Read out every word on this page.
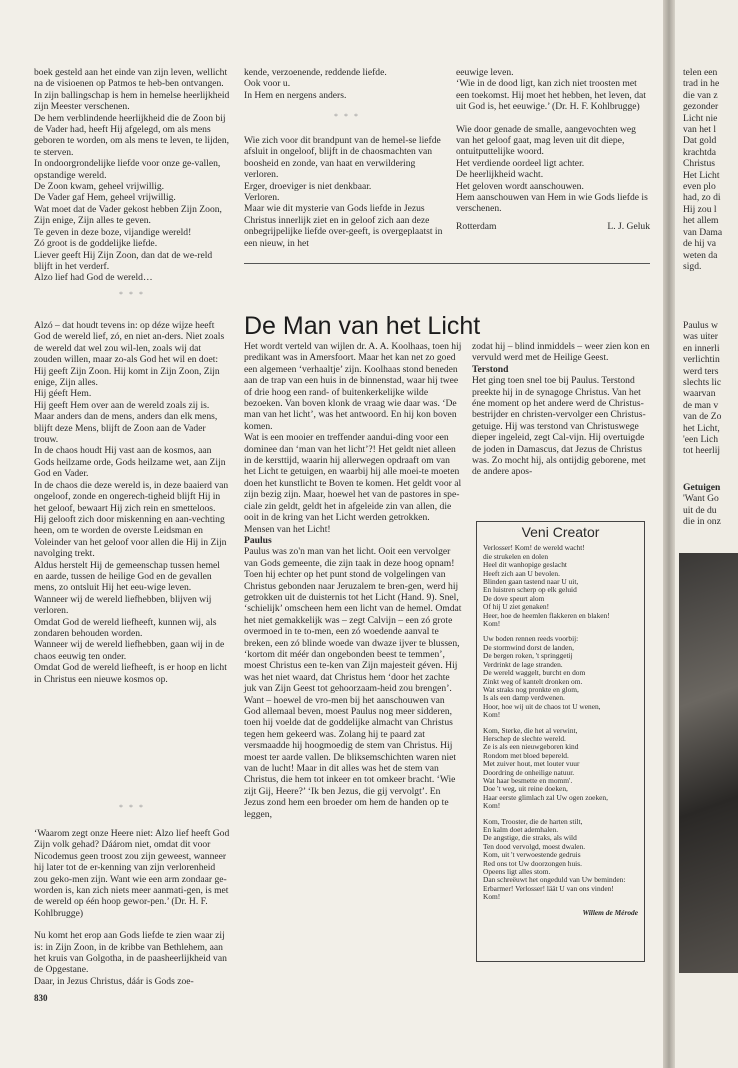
boek gesteld aan het einde van zijn leven, wellicht na de visioenen op Patmos te heb-ben ontvangen.

In zijn ballingschap is hem in hemelse heerlijkheid zijn Meester verschenen.

De hem verblindende heerlijkheid die de Zoon bij de Vader had, heeft Hij afgelegd, om als mens geboren te worden, om als mens te leven, te lijden, te sterven.

In ondoorgrondelijke liefde voor onze ge-vallen, opstandige wereld.

De Zoon kwam, geheel vrijwillig.

De Vader gaf Hem, geheel vrijwillig.

Wat moet dat de Vader gekost hebben Zijn Zoon, Zijn enige, Zijn alles te geven.

Te geven in deze boze, vijandige wereld!

Zó groot is de goddelijke liefde.

Liever geeft Hij Zijn Zoon, dan dat de we-reld blijft in het verderf.

Alzo lief had God de wereld…

* * *

Alzó – dat houdt tevens in: op déze wijze heeft God de wereld lief, zó, en niet an-ders. Niet zoals de wereld dat wel zou wil-len, zoals wij dat zouden willen, maar zo-als God het wil en doet: Hij geeft Zijn Zoon. Hij komt in Zijn Zoon, Zijn enige, Zijn alles.

Hij géeft Hem.

Hij geeft Hem over aan de wereld zoals zij is.

Maar anders dan de mens, anders dan elk mens, blijft deze Mens, blijft de Zoon aan de Vader trouw.

In de chaos houdt Hij vast aan de kosmos, aan Gods heilzame orde, Gods heilzame wet, aan Zijn God en Vader.

In de chaos die deze wereld is, in deze baaierd van ongeloof, zonde en ongerech-tigheid blijft Hij in het geloof, bewaart Hij zich rein en smetteloos.

Hij gelooft zich door miskenning en aan-vechting heen, om te worden de overste Leidsman en Voleinder van het geloof voor allen die Hij in Zijn navolging trekt.

Aldus herstelt Hij de gemeenschap tussen hemel en aarde, tussen de heilige God en de gevallen mens, zo ontsluit Hij het eeu-wige leven.

Wanneer wij de wereld liefhebben, blijven wij verloren.

Omdat God de wereld liefheeft, kunnen wij, als zondaren behouden worden.

Wanneer wij de wereld liefhebben, gaan wij in de chaos eeuwig ten onder.

Omdat God de wereld liefheeft, is er hoop en licht in Christus een nieuwe kosmos op.

* * *

‘Waarom zegt onze Heere niet: Alzo lief heeft God Zijn volk gehad? Dáárom niet, omdat dit voor Nicodemus geen troost zou zijn geweest, wanneer hij later tot de er-kenning van zijn verlorenheid zou geko-men zijn. Want wie een arm zondaar ge-worden is, kan zich niets meer aanmati-gen, is met de wereld op één hoop gewor-pen.’ (Dr. H. F. Kohlbrugge)

Nu komt het erop aan Gods liefde te zien waar zij is: in Zijn Zoon, in de kribbe van Bethlehem, aan het kruis van Golgotha, in de paasheerlijkheid van de Opgestane.

Daar, in Jezus Christus, dáár is Gods zoe-

kende, verzoenende, reddende liefde.

Ook voor u.

In Hem en nergens anders.

* * *

Wie zich voor dit brandpunt van de hemel-se liefde afsluit in ongeloof, blijft in de chaosmachten van boosheid en zonde, van haat en verwildering verloren.

Erger, droeviger is niet denkbaar.

Verloren.

Maar wie dit mysterie van Gods liefde in Jezus Christus innerlijk ziet en in geloof zich aan deze onbegrijpelijke liefde over-geeft, is overgeplaatst in een nieuw, in het

eeuwige leven.

‘Wie in de dood ligt, kan zich niet troosten met een toekomst. Hij moet het hebben, het leven, dat uit God is, het eeuwige.’ (Dr. H. F. Kohlbrugge)

Wie door genade de smalle, aangevochten weg van het geloof gaat, mag leven uit dit diepe, ontuitputtelijke woord.

Het verdiende oordeel ligt achter.

De heerlijkheid wacht.

Het geloven wordt aanschouwen.

Hem aanschouwen van Hem in wie Gods liefde is verschenen.

Rotterdam	L. J. Geluk
De Man van het Licht

Het wordt verteld van wijlen dr. A. A. Koolhaas, toen hij predikant was in Amersfoort. Maar het kan net zo goed een algemeen ‘verhaaltje’ zijn. Koolhaas stond beneden aan de trap van een huis in de binnenstad, waar hij twee of drie hoog een rand- of buitenkerkelijke wilde bezoeken. Van boven klonk de vraag wie daar was. ‘De man van het licht’, was het antwoord. En hij kon boven komen.

Wat is een mooier en treffender aandui-ding voor een dominee dan ‘man van het licht’?! Het geldt niet alleen in de kersttijd, waarin hij allerwegen opdraaft om van het Licht te getuigen, en waarbij hij alle moei-te moeten doen het kunstlicht te Boven te komen. Het geldt voor al zijn bezig zijn. Maar, hoewel het van de pastores in spe-ciale zin geldt, geldt het in afgeleide zin van allen, die ooit in de kring van het Licht werden getrokken. Mensen van het Licht!

Paulus

Paulus was zo'n man van het licht. Ooit een vervolger van Gods gemeente, die zijn taak in deze hoog opnam! Toen hij echter op het punt stond de volgelingen van Christus gebonden naar Jeruzalem te bren-gen, werd hij getrokken uit de duisternis tot het Licht (Hand. 9). Snel, ‘schielijk’ omscheen hem een licht van de hemel. Omdat het niet gemakkelijk was – zegt Calvijn – een zó grote overmoed in te to-men, een zó woedende aanval te breken, een zó blinde woede van dwaze ijver te blussen, ‘kortom dit méér dan ongebonden beest te temmen’, moest Christus een te-ken van Zijn majesteit géven. Hij was het niet waard, dat Christus hem ‘door het zachte juk van Zijn Geest tot gehoorzaam-heid zou brengen’. Want – hoewel de vro-men bij het aanschouwen van God allemaal beven, moest Paulus nog meer sidderen, toen hij voelde dat de goddelijke almacht van Christus tegen hem gekeerd was. Zolang hij te paard zat versmaadde hij hoogmoedig de stem van Christus. Hij moest ter aarde vallen. De bliksemschichten waren niet van de lucht! Maar in dit alles was het de stem van Christus, die hem tot inkeer en tot omkeer bracht. ‘Wie zijt Gij, Heere?’ ‘Ik ben Jezus, die gij vervolgt’. En Jezus zond hem een broeder om hem de handen op te leggen,

zodat hij – blind inmiddels – weer zien kon en vervuld werd met de Heilige Geest.

Terstond

Het ging toen snel toe bij Paulus. Terstond preekte hij in de synagoge Christus. Van het éne moment op het andere werd de Christus-bestrijder en christen-vervolger een Christus-getuige. Hij was terstond van Christuswege dieper ingeleid, zegt Cal-vijn. Hij overtuigde de joden in Damascus, dat Jezus de Christus was. Zo mocht hij, als ontijdig geborene, met de andere apos-

Veni Creator

Verlosser! Kom! de wereld wacht!
die strukelen en dolen
Heel dit wanhopige geslacht
Heeft zich aan U bevolen.
Blinden gaan tastend naar U uit,
En luistren scherp op elk geluid
De dove speurt alom
Of hij U ziet genaken!
Heer, hoe de heemlen flakkeren en blaken!
Kom!

Uw boden rennen reeds voorbij:
De stormwind dorst de landen,
De bergen roken, 't springgetij
Verdrinkt de lage stranden.
De wereld waggelt, burcht en dom
Zinkt weg of kantelt dronken om.
Wat straks nog pronkte en glom,
Is als een damp verdwenen.
Hoor, hoe wij uit de chaos tot U wenen,
Kom!

Kom, Sterke, die het al verwint,
Herschep de slechte wereld.
Ze is als een nieuwgeboren kind
Rondom met bloed bepereld.
Met zuiver hout, met louter vuur
Doordring de onheilige natuur.
Wat haar besmette en momm'.
Doe 't weg, uit reine doeken,
Haar eerste glimlach zal Uw ogen zoeken,
Kom!

Kom, Trooster, die de harten stilt,
En kalm doet ademhalen.
De angstige, die straks, als wild
Ten dood vervolgd, moest dwalen.
Kom, uit 't verwoestende gedruis
Red ons tot Uw doorzongen huis.
Opeens ligt alles stom.
Dan schreëuwt het ongeduld van Uw beminden:
Erbarmer! Verlosser! läät U van ons vinden!
Kom!

Willem de Mérode
830

telen een

trad in he

die van z

gezonder

Licht nie

van het l

Dat gold

krachtda

Christus

Het Licht

even plo

had, zo di

Hij zou l

het allem

van Dama

de hij va

weten da

sigd.

Paulus w

was uiter

en innerli

verlichtin

werd ters

slechts lic

waarvan

de man v

van de Zo

het Licht,

'een Lich

tot heerlij

Getuigen

'Want Go

uit de du

die in onz
